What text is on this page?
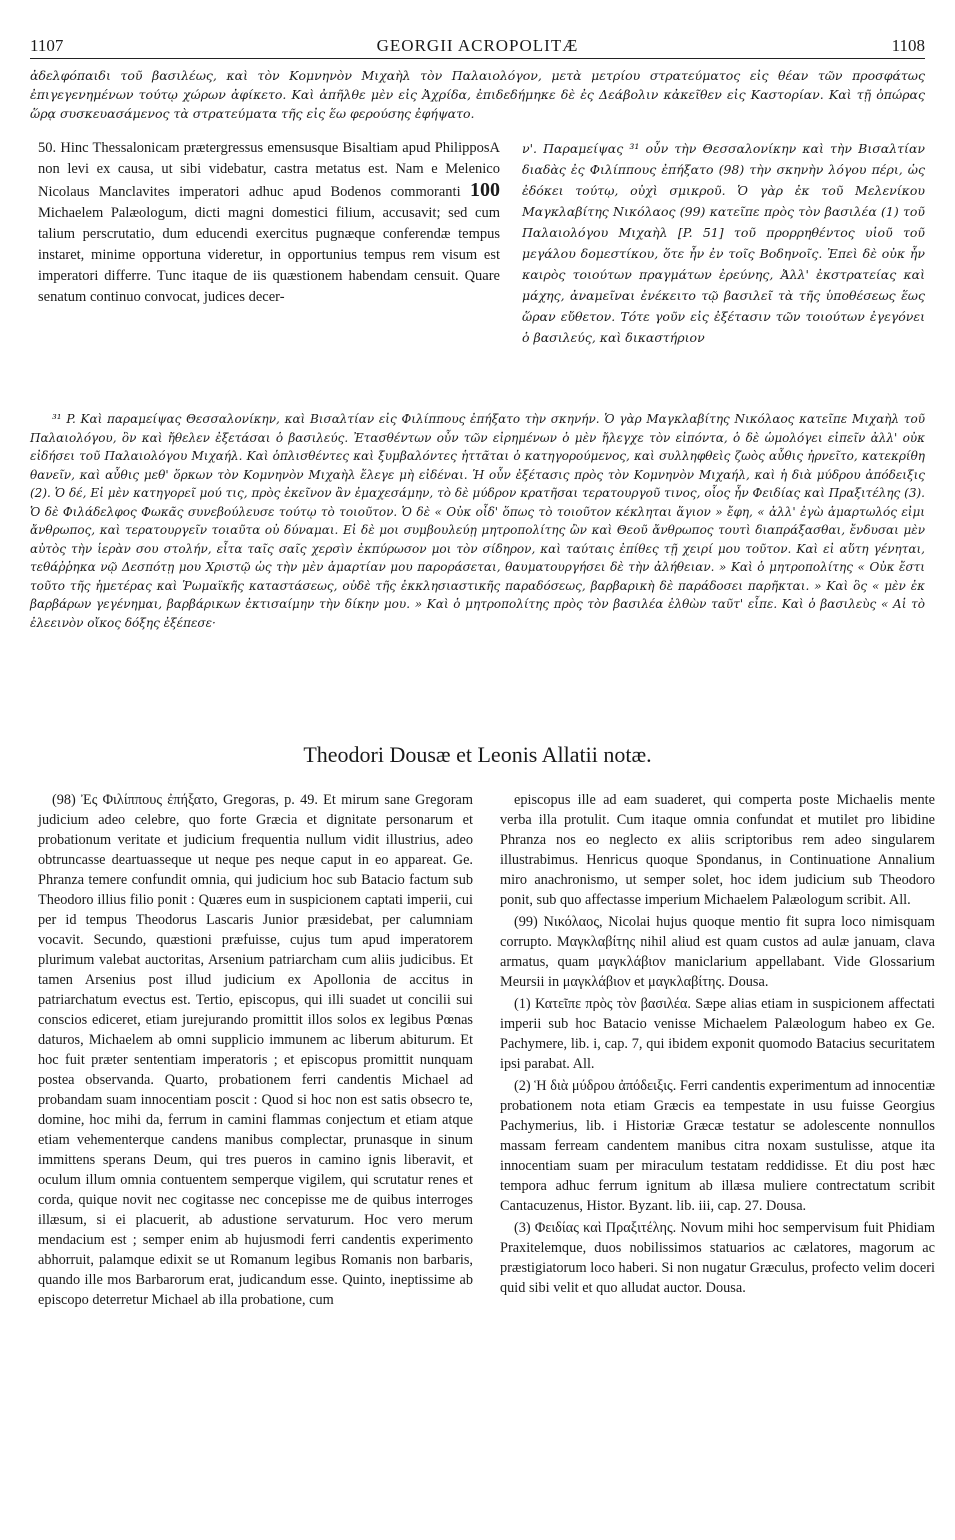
1107	GEORGII ACROPOLITÆ	1108
ἀδελφόπαιδι τοῦ βασιλέως, καὶ τὸν Κομνηνὸν Μιχαὴλ τὸν Παλαιολόγον, μετὰ μετρίου στρατεύματος εἰς θέαν τῶν προσφάτως ἐπιγεγενημένων τούτῳ χώρων ἀφίκετο. Καὶ ἀπῆλθε μὲν εἰς Ἀχρίδα, ἐπιδεδήμηκε δὲ ἐς Δεάβολιν κἀκεῖθεν εἰς Καστορίαν. Καὶ τῇ ὀπώρας ὥρᾳ συσκευασάμενος τὰ στρατεύματα τῆς εἰς ἕω φερούσης ἐφήψατο.

A
50. Hinc Thessalonicam prætergressus emensusque Bisaltiam apud Philippos non levi ex causa, ut sibi videbatur, castra metatus est. Nam e Melenico Nicolaus Manclavites imperatori adhuc apud Bodenos commoranti 100 Michaelem Palæologum, dicti magni domestici filium, accusavit; sed cum talium perscrutatio, dum educendi exercitus pugnæque conferendæ tempus instaret, minime opportuna videretur, in opportunius tempus rem visum est imperatori differre. Tunc itaque de iis quæstionem habendam censuit. Quare senatum continuo convocat, judices decer-

ν'. Παραμείψας ³¹ οὖν τὴν Θεσσαλονίκην καὶ τὴν Βισαλτίαν διαδὰς ἐς Φιλίππους ἐπήξατο (98) τὴν σκηνὴν λόγου πέρι, ὡς ἐδόκει τούτῳ, οὐχὶ σμικροῦ. Ὁ γὰρ ἐκ τοῦ Μελενίκου Μαγκλαβίτης Νικόλαος (99) κατεῖπε πρὸς τὸν βασιλέα (1) τοῦ Παλαιολόγου Μιχαὴλ [P. 51] τοῦ προρρηθέντος υἱοῦ τοῦ μεγάλου δομεστίκου, ὅτε ἦν ἐν τοῖς Βοδηνοῖς. Ἐπεὶ δὲ οὐκ ἦν καιρὸς τοιούτων πραγμάτων ἐρεύνης, Ἀλλ' ἐκστρατείας καὶ μάχης, ἀναμεῖναι ἐνέκειτο τῷ βασιλεῖ τὰ τῆς ὑποθέσεως ἕως ὥραν εὔθετον. Τότε γοῦν εἰς ἐξέτασιν τῶν τοιούτων ἐγεγόνει ὁ βασιλεύς, καὶ δικαστήριον

³¹ P. Καὶ παραμείψας Θεσσαλονίκην, καὶ Βισαλτίαν εἰς Φιλίππους ἐπήξατο τὴν σκηνήν. Ὁ γὰρ Μαγκλαβίτης Νικόλαος κατεῖπε Μιχαὴλ τοῦ Παλαιολόγου, ὃν καὶ ἤθελεν ἐξετάσαι ὁ βασιλεύς. Ἐτασθέντων οὖν τῶν εἰρημένων ὁ μὲν ἤλεγχε τὸν εἰπόντα, ὁ δὲ ὡμολόγει εἰπεῖν ἀλλ' οὐκ εἰδήσει τοῦ Παλαιολόγου Μιχαήλ. Καὶ ὁπλισθέντες καὶ ξυμβαλόντες ἡττᾶται ὁ κατηγορούμενος, καὶ συλληφθεὶς ζωὸς αὖθις ἠρνεῖτο, κατεκρίθη θανεῖν, καὶ αὖθις μεθ' ὅρκων τὸν Κομνηνὸν Μιχαὴλ ἔλεγε μὴ εἰδέναι. Ἡ οὖν ἐξέτασις πρὸς τὸν Κομνηνὸν Μιχαήλ, καὶ ἡ διὰ μύδρου ἀπόδειξις (2). Ὁ δέ, Εἰ μὲν κατηγορεῖ μού τις, πρὸς ἐκεῖνον ἂν ἐμαχεσάμην, τὸ δὲ μύδρον κρατῆσαι τερατουργοῦ τινος, οἷος ἦν Φειδίας καὶ Πραξιτέλης (3). Ὁ δὲ Φιλάδελφος Φωκᾶς συνεβούλευσε τούτῳ τὸ τοιοῦτον. Ὁ δὲ « Οὐκ οἶδ' ὅπως τὸ τοιοῦτον κέκληται ἅγιον » ἔφη, « ἀλλ' ἐγὼ ἁμαρτωλός εἰμι ἄνθρωπος, καὶ τερατουργεῖν τοιαῦτα οὐ δύναμαι. Εἰ δὲ μοι συμβουλεύῃ μητροπολίτης ὢν καὶ Θεοῦ ἄνθρωπος τουτὶ διαπράξασθαι, ἔνδυσαι μὲν αὐτὸς τὴν ἱερὰν σου στολήν, εἶτα ταῖς σαῖς χερσὶν ἐκπύρωσον μοι τὸν σίδηρον, καὶ ταύταις ἐπίθες τῇ χειρί μου τοῦτον. Καὶ εἰ αὕτη γένηται, τεθάῤῥηκα νῷ Δεσπότῃ μου Χριστῷ ὡς τὴν μὲν ἁμαρτίαν μου παροράσεται, θαυματουργήσει δὲ τὴν ἀλήθειαν. » Καὶ ὁ μητροπολίτης « Οὐκ ἔστι τοῦτο τῆς ἡμετέρας καὶ Ῥωμαϊκῆς καταστάσεως, οὐδὲ τῆς ἐκκλησιαστικῆς παραδόσεως, βαρβαρικὴ δὲ παράδοσει παρῆκται. » Καὶ ὃς « μὲν ἐκ βαρβάρων γεγένημαι, βαρβάρικων ἐκτισαίμην τὴν δίκην μου. » Καὶ ὁ μητροπολίτης πρὸς τὸν βασιλέα ἐλθὼν ταῦτ' εἶπε. Καὶ ὁ βασιλεὺς « Αἱ τὸ ἐλεεινὸν οἴκος δόξης ἐξέπεσε·

Theodori Dousæ et Leonis Allatii notæ.

(98) Ἐς Φιλίππους ἐπήξατο, Gregoras, p. 49. Et mirum sane Gregoram judicium adeo celebre, quo forte Græcia et dignitate personarum et probationum veritate et judicium frequentia nullum vidit illustrius, adeo obtruncasse deartuasseque ut neque pes neque caput in eo appareat. Ge. Phranza temere confundit omnia, qui judicium hoc sub Batacio factum sub Theodoro illius filio ponit : Quæres eum in suspicionem captati imperii, cui per id tempus Theodorus Lascaris Junior præsidebat, per calumniam vocavit. Secundo, quæstioni præfuisse, cujus tum apud imperatorem plurimum valebat auctoritas, Arsenium patriarcham cum aliis judicibus. Et tamen Arsenius post illud judicium ex Apollonia de accitus in patriarchatum evectus est. Tertio, episcopus, qui illi suadet ut concilii sui conscios ediceret, etiam jurejurando promittit illos solos ex legibus Pœnas daturos, Michaelem ab omni supplicio immunem ac liberum abiturum. Et hoc fuit præter sententiam imperatoris ; et episcopus promittit nunquam postea observanda. Quarto, probationem ferri candentis Michael ad probandam suam innocentiam poscit : Quod si hoc non est satis obsecro te, domine, hoc mihi da, ferrum in camini flammas conjectum et etiam atque etiam vehementerque candens manibus complectar, prunasque in sinum immittens sperans Deum, qui tres pueros in camino ignis liberavit, et oculum illum omnia contuentem semperque vigilem, qui scrutatur renes et corda, quique novit nec cogitasse nec concepisse me de quibus interroges illæsum, si ei placuerit, ab adustione servaturum. Hoc vero merum mendacium est ; semper enim ab hujusmodi ferri candentis experimento abhorruit, palamque edixit se ut Romanum legibus Romanis non barbaris, quando ille mos Barbarorum erat, judicandum esse. Quinto, ineptissime ab episcopo deterretur Michael ab illa probatione, cum

episcopus ille ad eam suaderet, qui comperta poste Michaelis mente verba illa protulit. Cum itaque omnia confundat et mutilet pro libidine Phranza nos eo neglecto ex aliis scriptoribus rem adeo singularem illustrabimus. Henricus quoque Spondanus, in Continuatione Annalium miro anachronismo, ut semper solet, hoc idem judicium sub Theodoro ponit, sub quo affectasse imperium Michaelem Palæologum scribit. All.

(99) Νικόλαος, Nicolai hujus quoque mentio fit supra loco nimisquam corrupto. Μαγκλαβίτης nihil aliud est quam custos ad aulæ januam, clava armatus, quam μαγκλάβιον maniclarium appellabant. Vide Glossarium Meursii in μαγκλάβιον et μαγκλαβίτης. Dousa.

(1) Κατεῖπε πρὸς τὸν βασιλέα. Sæpe alias etiam in suspicionem affectati imperii sub hoc Batacio venisse Michaelem Palæologum habeo ex Ge. Pachymere, lib. i, cap. 7, qui ibidem exponit quomodo Batacius securitatem ipsi parabat. All.

(2) Ἡ διὰ μύδρου ἀπόδειξις. Ferri candentis experimentum ad innocentiæ probationem nota etiam Græcis ea tempestate in usu fuisse Georgius Pachymerius, lib. i Historiæ Græcæ testatur se adolescente nonnullos massam ferream candentem manibus citra noxam sustulisse, atque ita innocentiam suam per miraculum testatam reddidisse. Et diu post hæc tempora adhuc ferrum ignitum ab illæsa muliere contrectatum scribit Cantacuzenus, Histor. Byzant. lib. iii, cap. 27. Dousa.

(3) Φειδίας καὶ Πραξιτέλης. Novum mihi hoc sempervisum fuit Phidiam Praxitelemque, duos nobilissimos statuarios ac cælatores, magorum ac præstigiatorum loco haberi. Si non nugatur Græculus, profecto velim doceri quid sibi velit et quo alludat auctor. Dousa.
